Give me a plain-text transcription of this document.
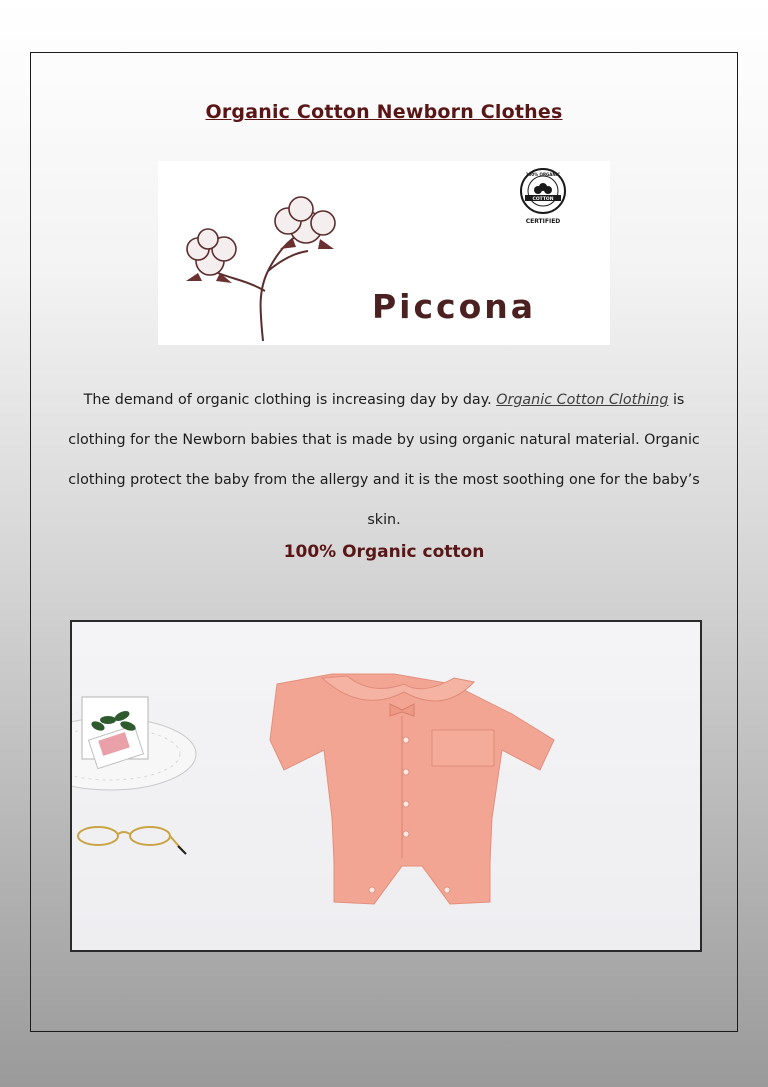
Organic Cotton Newborn Clothes
100% ORGANIC
COTTON
CERTIFIED
Piccona
The demand of organic clothing is increasing day by day. Organic Cotton Clothing is clothing for the Newborn babies that is made by using organic natural material. Organic clothing protect the baby from the allergy and it is the most soothing one for the baby’s skin.
100% Organic cotton
